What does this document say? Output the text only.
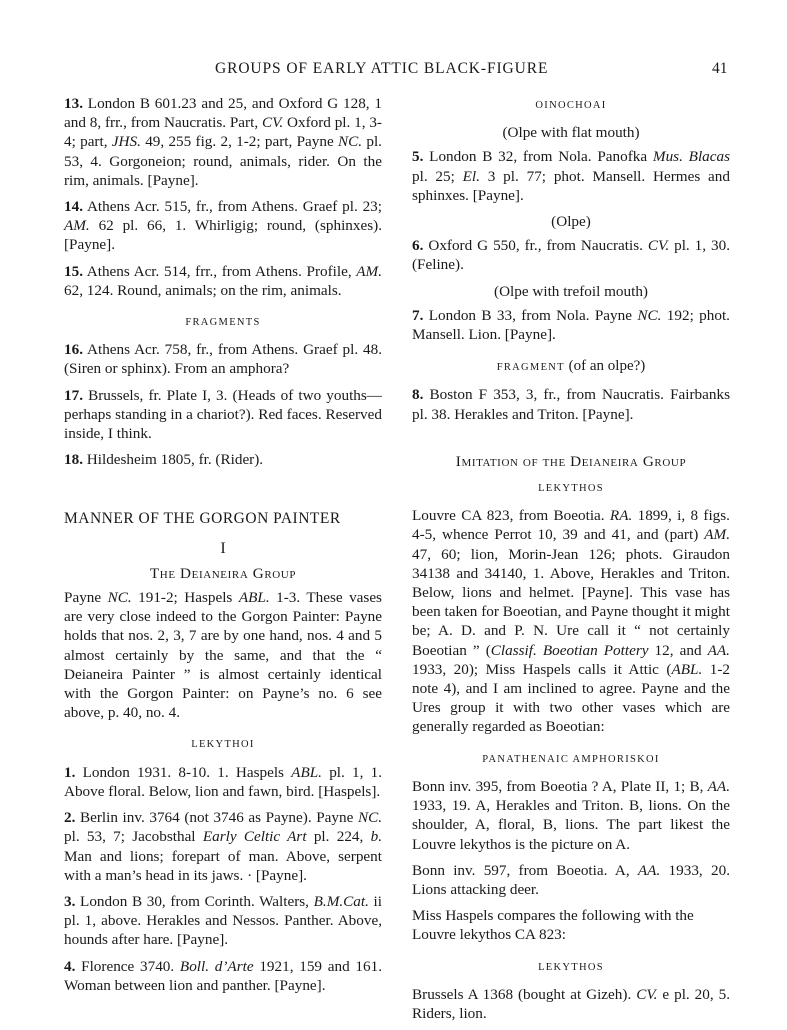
GROUPS OF EARLY ATTIC BLACK-FIGURE	41

13. London B 601.23 and 25, and Oxford G 128, 1 and 8, frr., from Naucratis. Part, CV. Oxford pl. 1, 3-4; part, JHS. 49, 255 fig. 2, 1-2; part, Payne NC. pl. 53, 4. Gorgoneion; round, animals, rider. On the rim, animals. [Payne].

14. Athens Acr. 515, fr., from Athens. Graef pl. 23; AM. 62 pl. 66, 1. Whirligig; round, (sphinxes). [Payne].

15. Athens Acr. 514, frr., from Athens. Profile, AM. 62, 124. Round, animals; on the rim, animals.

FRAGMENTS

16. Athens Acr. 758, fr., from Athens. Graef pl. 48. (Siren or sphinx). From an amphora?

17. Brussels, fr. Plate I, 3. (Heads of two youths—perhaps standing in a chariot?). Red faces. Reserved inside, I think.

18. Hildesheim 1805, fr. (Rider).

MANNER OF THE GORGON PAINTER
I
The Deianeira Group

Payne NC. 191-2; Haspels ABL. 1-3. These vases are very close indeed to the Gorgon Painter: Payne holds that nos. 2, 3, 7 are by one hand, nos. 4 and 5 almost certainly by the same, and that the “ Deianeira Painter ” is almost certainly identical with the Gorgon Painter: on Payne’s no. 6 see above, p. 40, no. 4.

LEKYTHOI

1. London 1931. 8-10. 1. Haspels ABL. pl. 1, 1. Above floral. Below, lion and fawn, bird. [Haspels].

2. Berlin inv. 3764 (not 3746 as Payne). Payne NC. pl. 53, 7; Jacobsthal Early Celtic Art pl. 224, b. Man and lions; forepart of man. Above, serpent with a man’s head in its jaws. · [Payne].

3. London B 30, from Corinth. Walters, B.M.Cat. ii pl. 1, above. Herakles and Nessos. Panther. Above, hounds after hare. [Payne].

4. Florence 3740. Boll. d’Arte 1921, 159 and 161. Woman between lion and panther. [Payne].

OINOCHOAI
(Olpe with flat mouth)

5. London B 32, from Nola. Panofka Mus. Blacas pl. 25; El. 3 pl. 77; phot. Mansell. Hermes and sphinxes. [Payne].

(Olpe)

6. Oxford G 550, fr., from Naucratis. CV. pl. 1, 30. (Feline).

(Olpe with trefoil mouth)

7. London B 33, from Nola. Payne NC. 192; phot. Mansell. Lion. [Payne].

FRAGMENT (of an olpe?)

8. Boston F 353, 3, fr., from Naucratis. Fairbanks pl. 38. Herakles and Triton. [Payne].

Imitation of the Deianeira Group
LEKYTHOS

Louvre CA 823, from Boeotia. RA. 1899, i, 8 figs. 4-5, whence Perrot 10, 39 and 41, and (part) AM. 47, 60; lion, Morin-Jean 126; phots. Giraudon 34138 and 34140, 1. Above, Herakles and Triton. Below, lions and helmet. [Payne]. This vase has been taken for Boeotian, and Payne thought it might be; A. D. and P. N. Ure call it “ not certainly Boeotian ” (Classif. Boeotian Pottery 12, and AA. 1933, 20); Miss Haspels calls it Attic (ABL. 1-2 note 4), and I am inclined to agree. Payne and the Ures group it with two other vases which are generally regarded as Boeotian:

PANATHENAIC AMPHORISKOI

Bonn inv. 395, from Boeotia ? A, Plate II, 1; B, AA. 1933, 19. A, Herakles and Triton. B, lions. On the shoulder, A, floral, B, lions. The part likest the Louvre lekythos is the picture on A.

Bonn inv. 597, from Boeotia. A, AA. 1933, 20. Lions attacking deer.

Miss Haspels compares the following with the Louvre lekythos CA 823:

LEKYTHOS

Brussels A 1368 (bought at Gizeh). CV. e pl. 20, 5. Riders, lion.
